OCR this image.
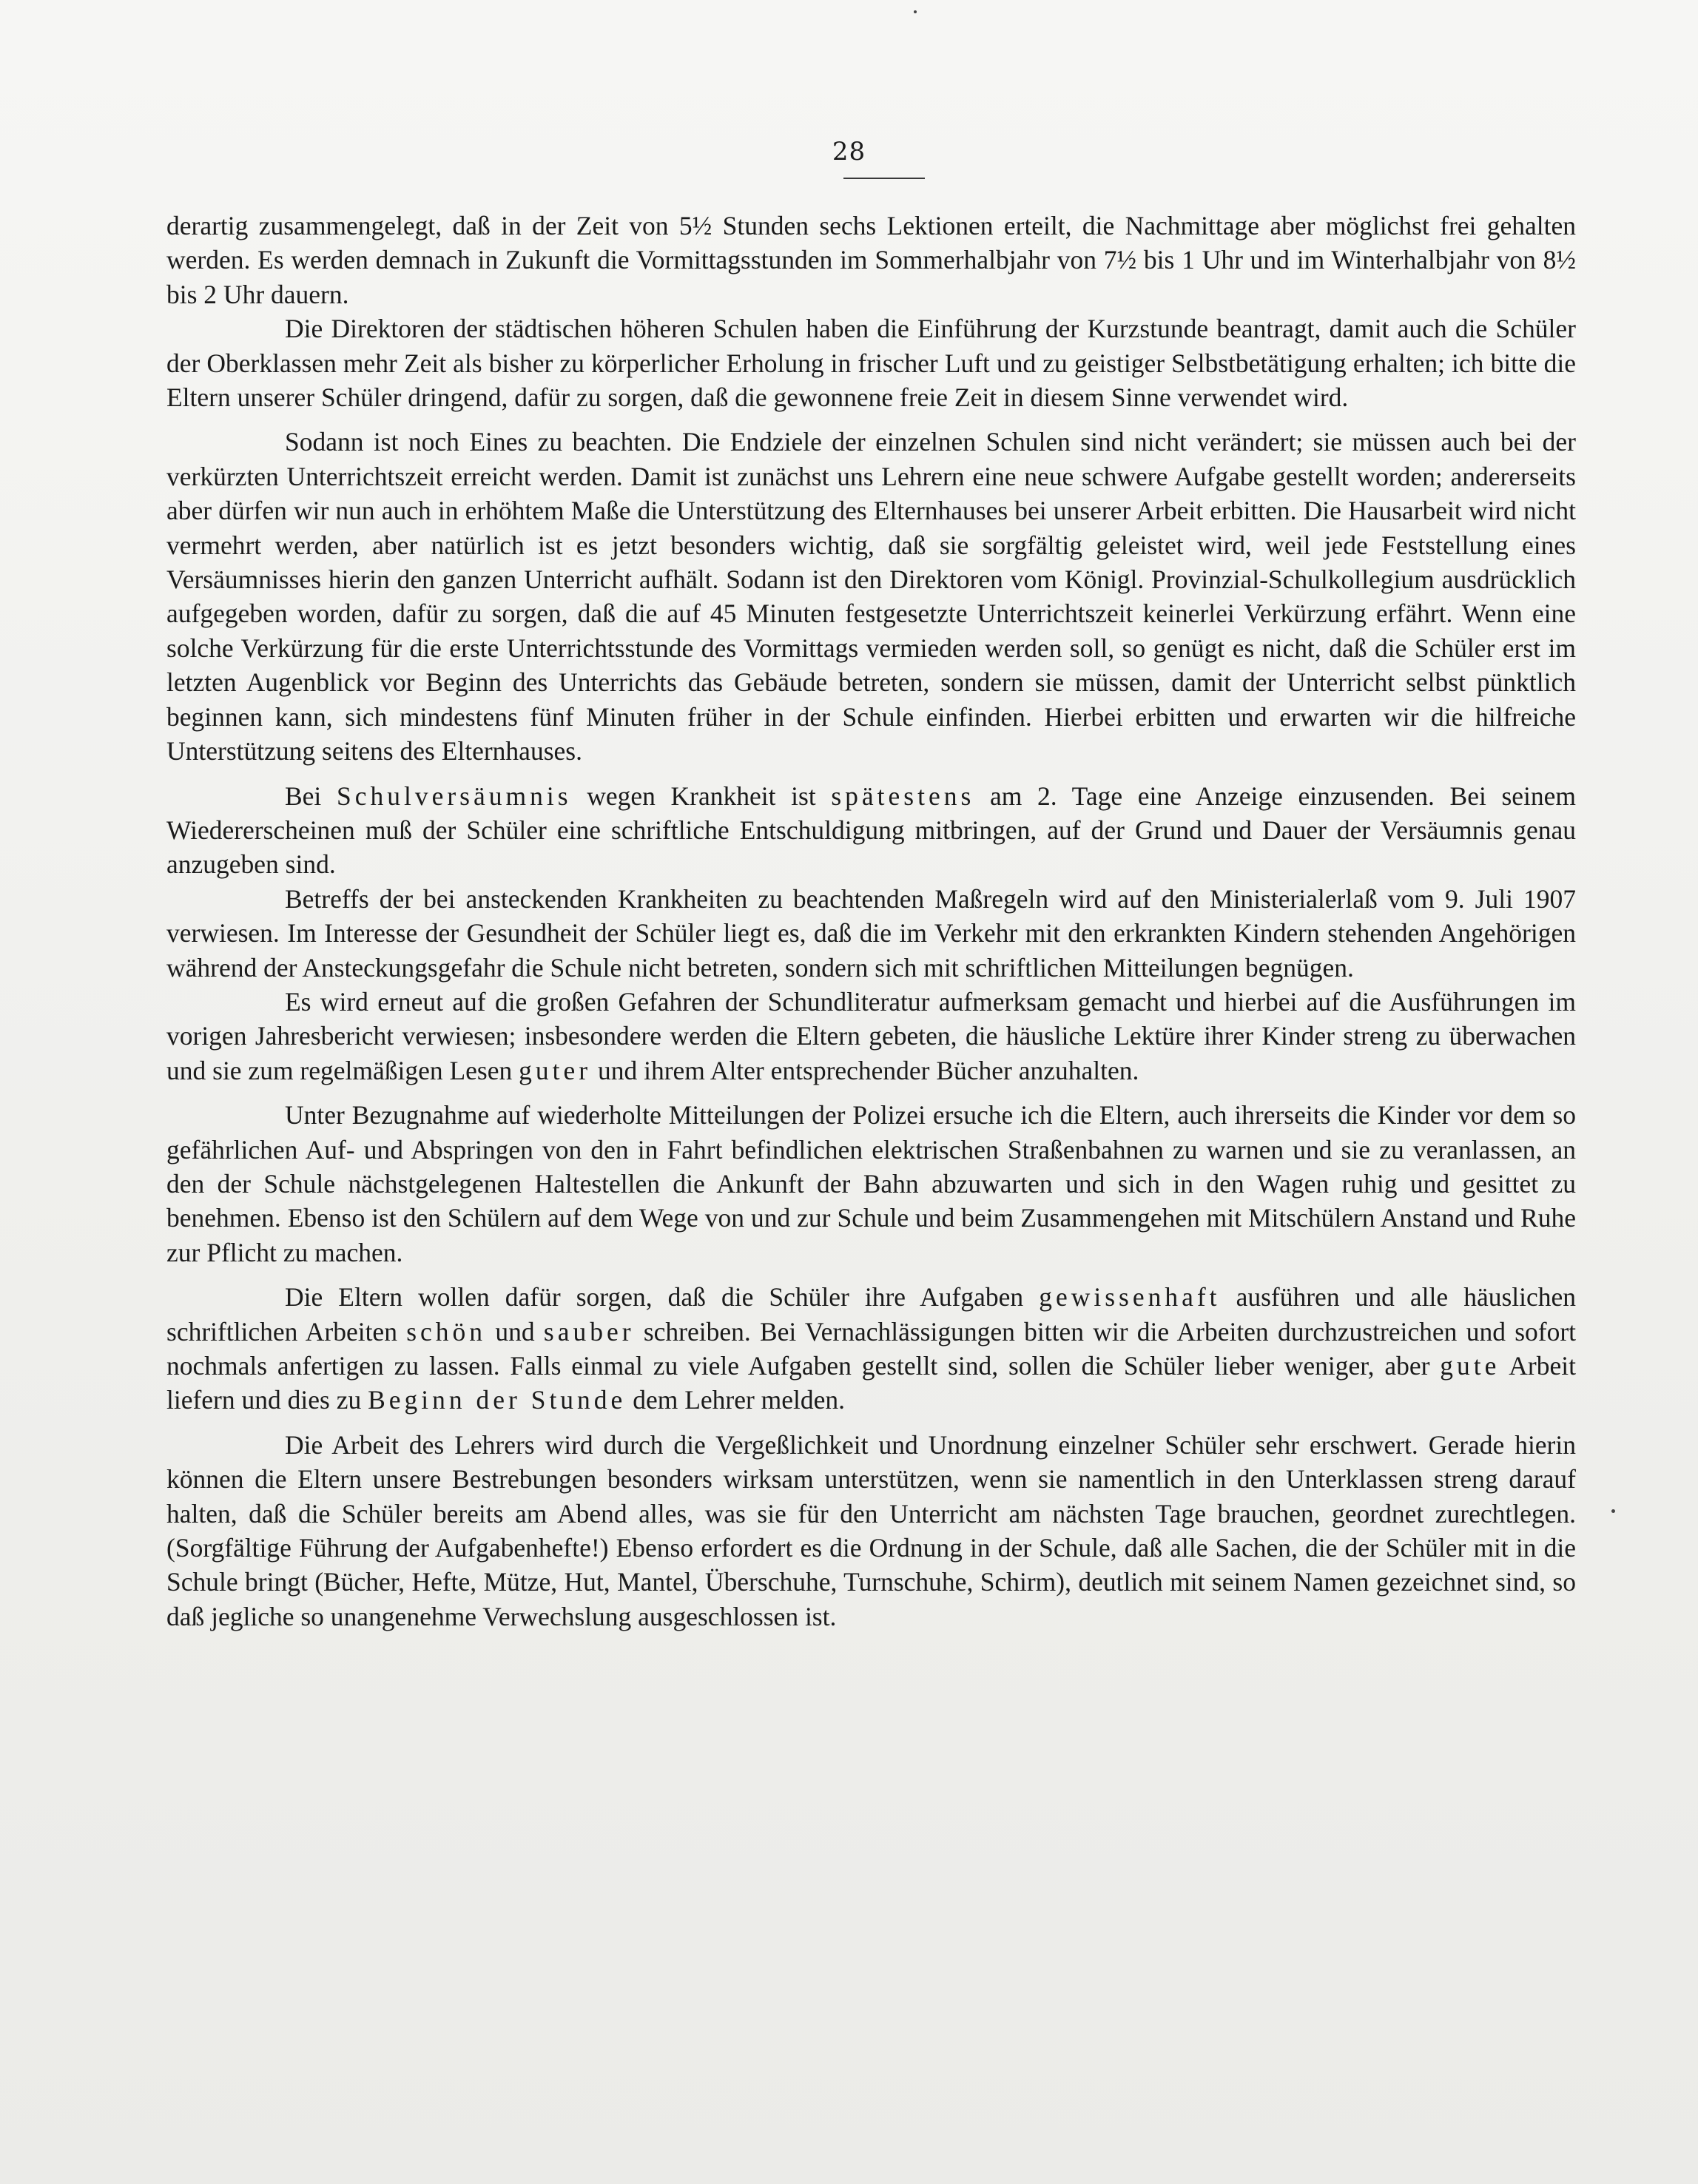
28

derartig zusammengelegt, daß in der Zeit von 5½ Stunden sechs Lektionen erteilt, die Nachmittage aber möglichst frei gehalten werden. Es werden demnach in Zukunft die Vormittagsstunden im Sommerhalbjahr von 7½ bis 1 Uhr und im Winterhalbjahr von 8½ bis 2 Uhr dauern.

Die Direktoren der städtischen höheren Schulen haben die Einführung der Kurzstunde beantragt, damit auch die Schüler der Oberklassen mehr Zeit als bisher zu körperlicher Erholung in frischer Luft und zu geistiger Selbstbetätigung erhalten; ich bitte die Eltern unserer Schüler dringend, dafür zu sorgen, daß die gewonnene freie Zeit in diesem Sinne verwendet wird.

Sodann ist noch Eines zu beachten. Die Endziele der einzelnen Schulen sind nicht verändert; sie müssen auch bei der verkürzten Unterrichtszeit erreicht werden. Damit ist zunächst uns Lehrern eine neue schwere Aufgabe gestellt worden; andererseits aber dürfen wir nun auch in erhöhtem Maße die Unterstützung des Elternhauses bei unserer Arbeit erbitten. Die Hausarbeit wird nicht vermehrt werden, aber natürlich ist es jetzt besonders wichtig, daß sie sorgfältig geleistet wird, weil jede Feststellung eines Versäumnisses hierin den ganzen Unterricht aufhält. Sodann ist den Direktoren vom Königl. Provinzial-Schulkollegium ausdrücklich aufgegeben worden, dafür zu sorgen, daß die auf 45 Minuten festgesetzte Unterrichtszeit keinerlei Verkürzung erfährt. Wenn eine solche Verkürzung für die erste Unterrichtsstunde des Vormittags vermieden werden soll, so genügt es nicht, daß die Schüler erst im letzten Augenblick vor Beginn des Unterrichts das Gebäude betreten, sondern sie müssen, damit der Unterricht selbst pünktlich beginnen kann, sich mindestens fünf Minuten früher in der Schule einfinden. Hierbei erbitten und erwarten wir die hilfreiche Unterstützung seitens des Elternhauses.

Bei Schulversäumnis wegen Krankheit ist spätestens am 2. Tage eine Anzeige einzusenden. Bei seinem Wiedererscheinen muß der Schüler eine schriftliche Entschuldigung mitbringen, auf der Grund und Dauer der Versäumnis genau anzugeben sind.

Betreffs der bei ansteckenden Krankheiten zu beachtenden Maßregeln wird auf den Ministerialerlaß vom 9. Juli 1907 verwiesen. Im Interesse der Gesundheit der Schüler liegt es, daß die im Verkehr mit den erkrankten Kindern stehenden Angehörigen während der Ansteckungsgefahr die Schule nicht betreten, sondern sich mit schriftlichen Mitteilungen begnügen.

Es wird erneut auf die großen Gefahren der Schundliteratur aufmerksam gemacht und hierbei auf die Ausführungen im vorigen Jahresbericht verwiesen; insbesondere werden die Eltern gebeten, die häusliche Lektüre ihrer Kinder streng zu überwachen und sie zum regelmäßigen Lesen guter und ihrem Alter entsprechender Bücher anzuhalten.

Unter Bezugnahme auf wiederholte Mitteilungen der Polizei ersuche ich die Eltern, auch ihrerseits die Kinder vor dem so gefährlichen Auf- und Abspringen von den in Fahrt befindlichen elektrischen Straßenbahnen zu warnen und sie zu veranlassen, an den der Schule nächstgelegenen Haltestellen die Ankunft der Bahn abzuwarten und sich in den Wagen ruhig und gesittet zu benehmen. Ebenso ist den Schülern auf dem Wege von und zur Schule und beim Zusammengehen mit Mitschülern Anstand und Ruhe zur Pflicht zu machen.

Die Eltern wollen dafür sorgen, daß die Schüler ihre Aufgaben gewissenhaft ausführen und alle häuslichen schriftlichen Arbeiten schön und sauber schreiben. Bei Vernachlässigungen bitten wir die Arbeiten durchzustreichen und sofort nochmals anfertigen zu lassen. Falls einmal zu viele Aufgaben gestellt sind, sollen die Schüler lieber weniger, aber gute Arbeit liefern und dies zu Beginn der Stunde dem Lehrer melden.

Die Arbeit des Lehrers wird durch die Vergeßlichkeit und Unordnung einzelner Schüler sehr erschwert. Gerade hierin können die Eltern unsere Bestrebungen besonders wirksam unterstützen, wenn sie namentlich in den Unterklassen streng darauf halten, daß die Schüler bereits am Abend alles, was sie für den Unterricht am nächsten Tage brauchen, geordnet zurechtlegen. (Sorgfältige Führung der Aufgabenhefte!) Ebenso erfordert es die Ordnung in der Schule, daß alle Sachen, die der Schüler mit in die Schule bringt (Bücher, Hefte, Mütze, Hut, Mantel, Überschuhe, Turnschuhe, Schirm), deutlich mit seinem Namen gezeichnet sind, so daß jegliche so unangenehme Verwechslung ausgeschlossen ist.
